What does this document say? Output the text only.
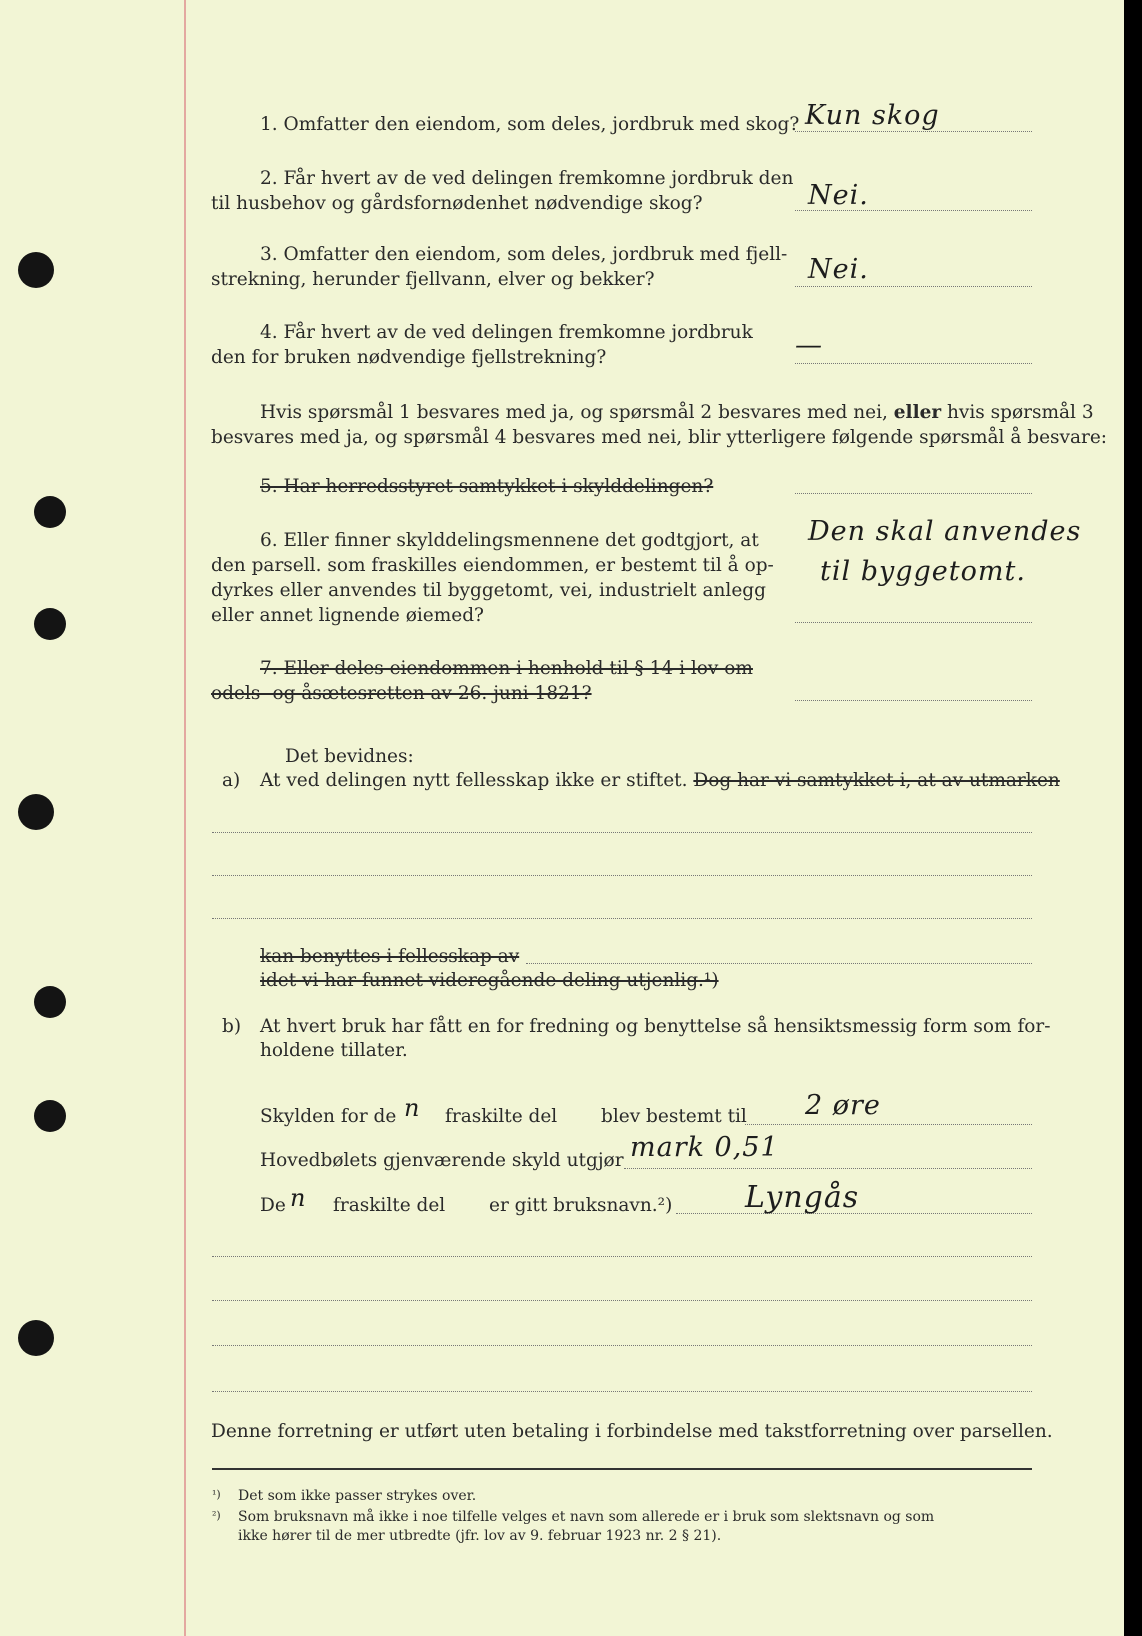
1. Omfatter den eiendom, som deles, jordbruk med skog? Kun skog
2. Får hvert av de ved delingen fremkomne jordbruk den
til husbehov og gårdsfornødenhet nødvendige skog?	Nei.
3. Omfatter den eiendom, som deles, jordbruk med fjell-
strekning, herunder fjellvann, elver og bekker?	Nei.
4. Får hvert av de ved delingen fremkomne jordbruk
den for bruken nødvendige fjellstrekning?	—
Hvis spørsmål 1 besvares med ja, og spørsmål 2 besvares med nei, eller hvis spørsmål 3
besvares med ja, og spørsmål 4 besvares med nei, blir ytterligere følgende spørsmål å besvare:
5. Har herredsstyret samtykket i skylddelingen?
6. Eller finner skylddelingsmennene det godtgjort, at
den parsell. som fraskilles eiendommen, er bestemt til å op-
dyrkes eller anvendes til byggetomt, vei, industrielt anlegg
eller annet lignende øiemed?
Den skal anvendes
til byggetomt.
7. Eller deles eiendommen i henhold til § 14 i lov om
odels- og åsætesretten av 26. juni 1821?
Det bevidnes:
a) At ved delingen nytt fellesskap ikke er stiftet. Dog har vi samtykket i, at av utmarken
kan benyttes i fellesskap av
idet vi har funnet videregående deling utjenlig.¹)
b) At hvert bruk har fått en for fredning og benyttelse så hensiktsmessig form som for-
holdene tillater.
Skylden for de n fraskilte del blev bestemt til 2 øre
Hovedbølets gjenværende skyld utgjør mark 0,51
De n fraskilte del er gitt bruksnavn.²) Lyngås
Denne forretning er utført uten betaling i forbindelse med takstforretning over parsellen.
¹) Det som ikke passer strykes over.
²) Som bruksnavn må ikke i noe tilfelle velges et navn som allerede er i bruk som slektsnavn og som
ikke hører til de mer utbredte (jfr. lov av 9. februar 1923 nr. 2 § 21).
